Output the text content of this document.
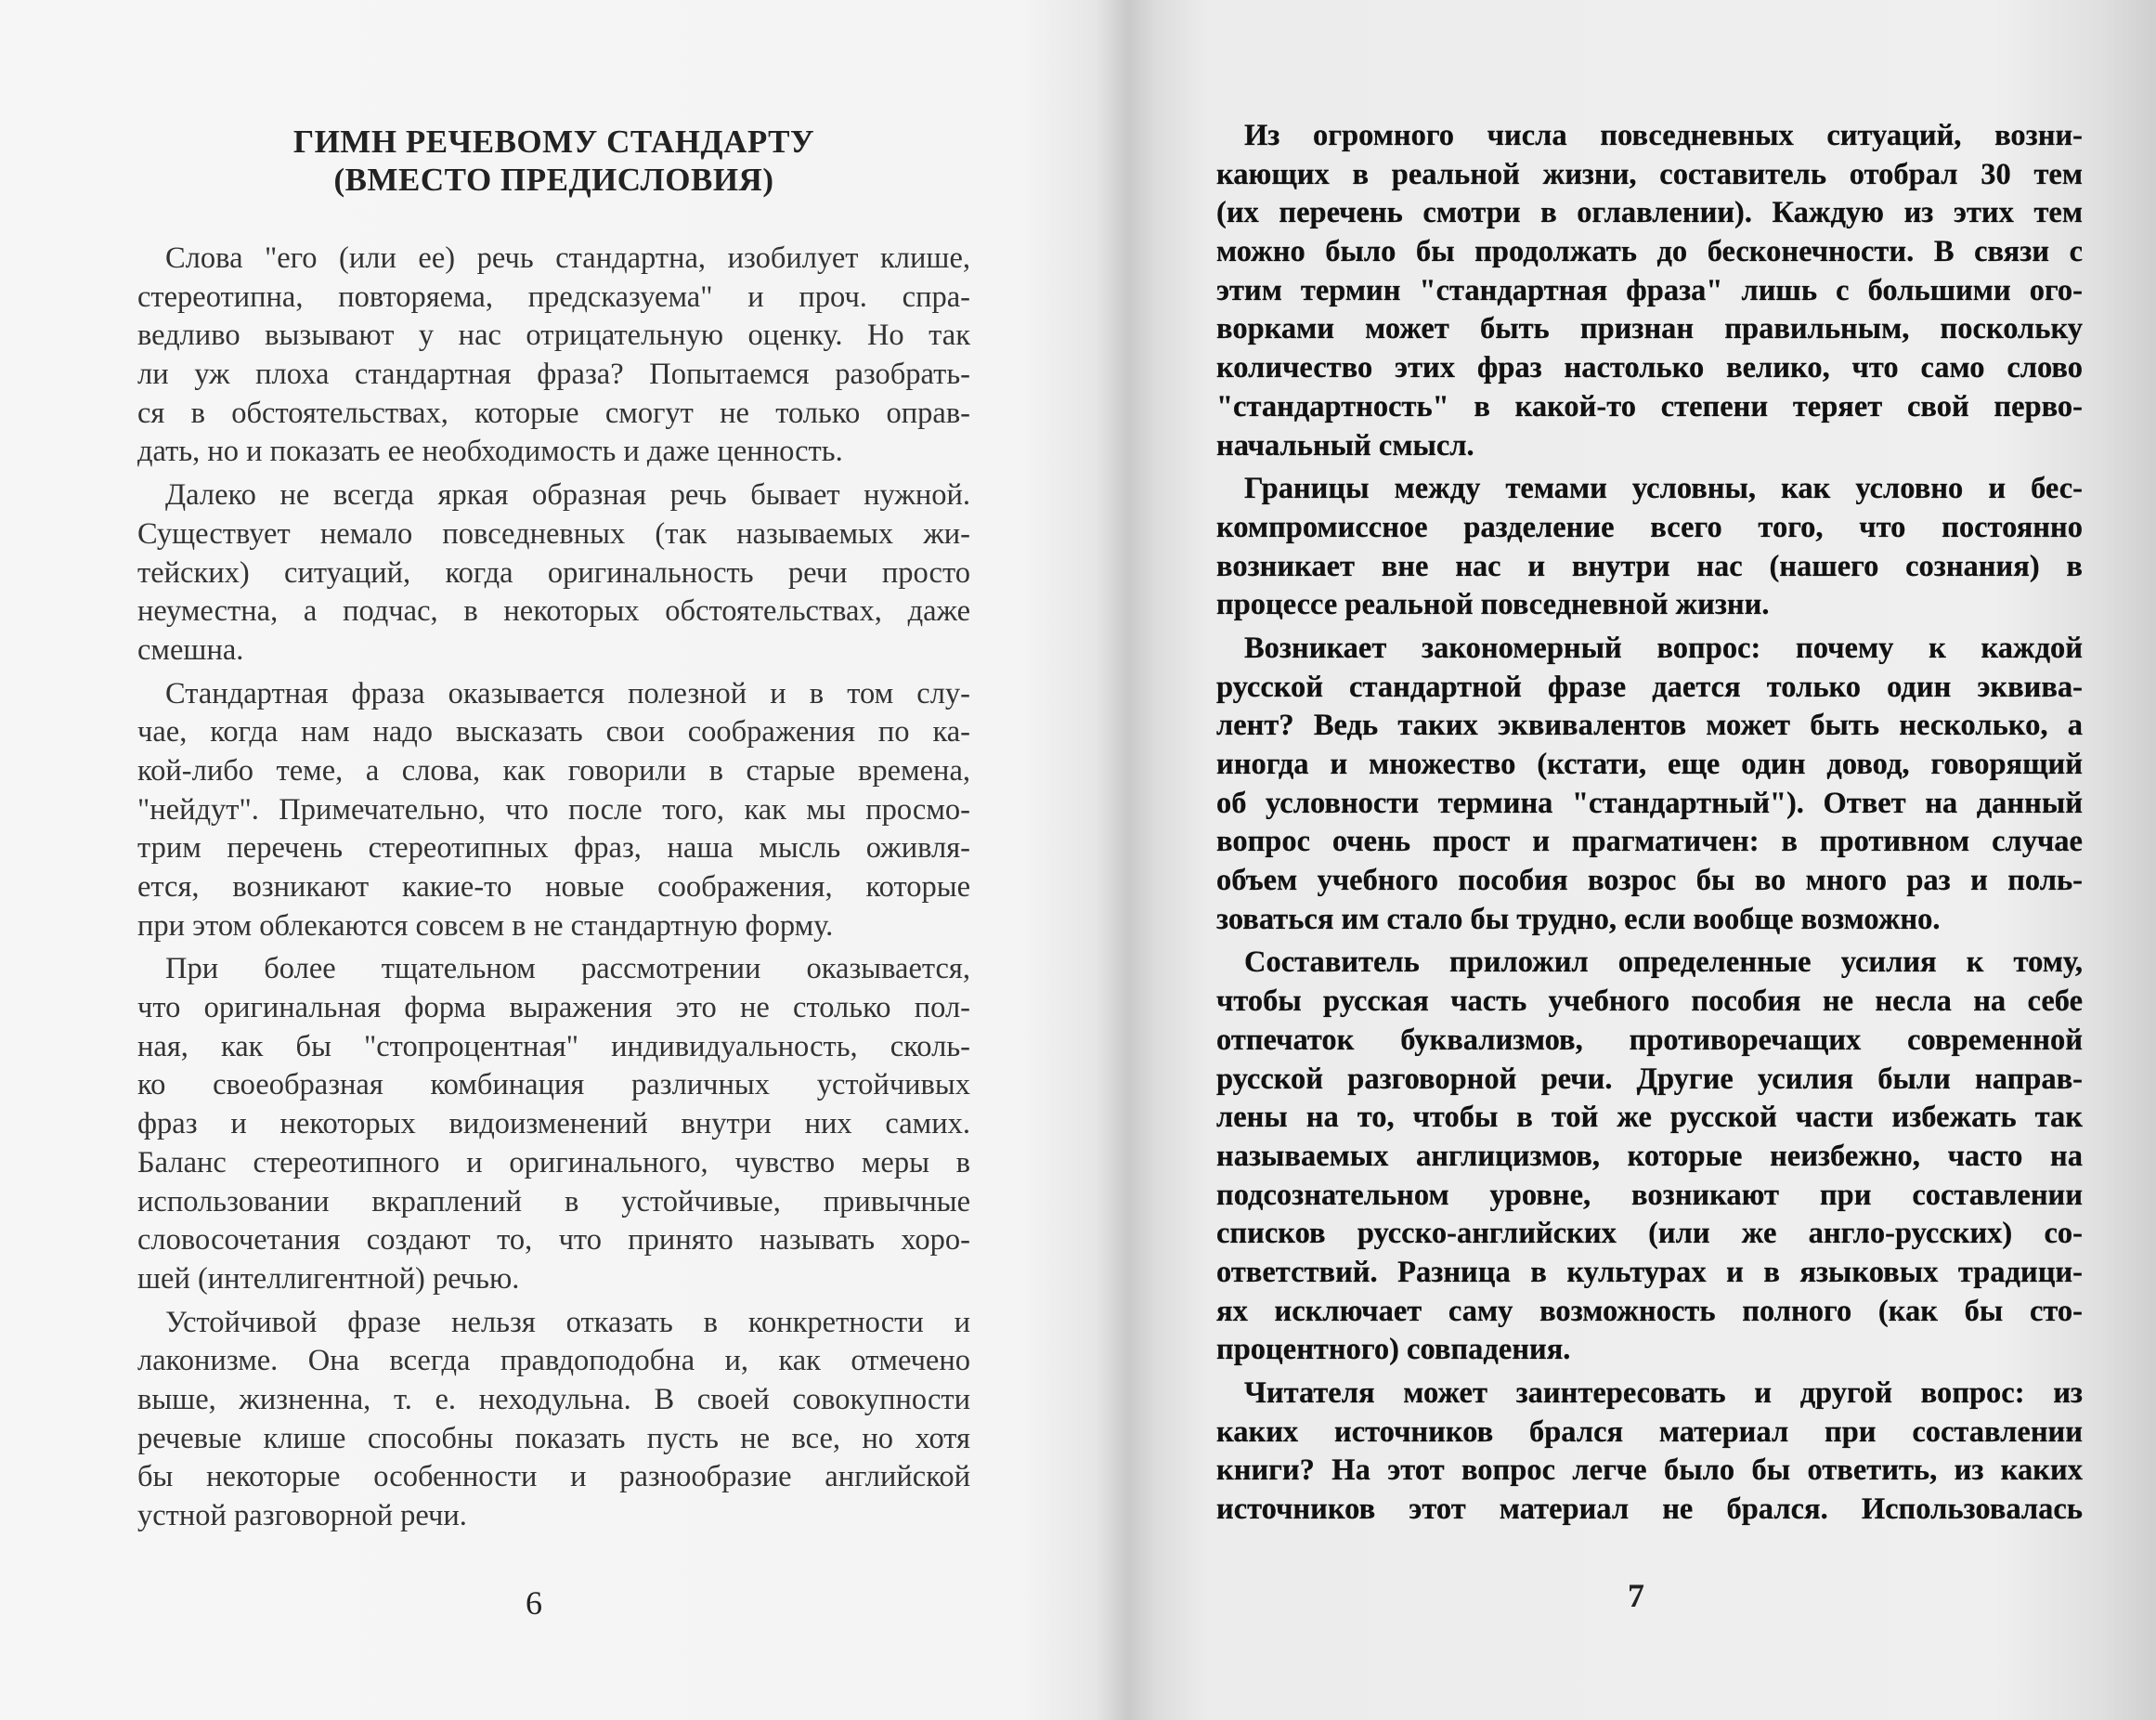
ГИМН РЕЧЕВОМУ СТАНДАРТУ
(ВМЕСТО ПРЕДИСЛОВИЯ)
Слова "его (или ее) речь стандартна, изобилует клише,
стереотипна, повторяема, предсказуема" и проч. спра-
ведливо вызывают у нас отрицательную оценку. Но так
ли уж плоха стандартная фраза? Попытаемся разобрать-
ся в обстоятельствах, которые смогут не только оправ-
дать, но и показать ее необходимость и даже ценность.
Далеко не всегда яркая образная речь бывает нужной.
Существует немало повседневных (так называемых жи-
тейских) ситуаций, когда оригинальность речи просто
неуместна, а подчас, в некоторых обстоятельствах, даже
смешна.
Стандартная фраза оказывается полезной и в том слу-
чае, когда нам надо высказать свои соображения по ка-
кой-либо теме, а слова, как говорили в старые времена,
"нейдут". Примечательно, что после того, как мы просмо-
трим перечень стереотипных фраз, наша мысль оживля-
ется, возникают какие-то новые соображения, которые
при этом облекаются совсем в не стандартную форму.
При более тщательном рассмотрении оказывается,
что оригинальная форма выражения это не столько пол-
ная, как бы "стопроцентная" индивидуальность, сколь-
ко своеобразная комбинация различных устойчивых
фраз и некоторых видоизменений внутри них самих.
Баланс стереотипного и оригинального, чувство меры в
использовании вкраплений в устойчивые, привычные
словосочетания создают то, что принято называть хоро-
шей (интеллигентной) речью.
Устойчивой фразе нельзя отказать в конкретности и
лаконизме. Она всегда правдоподобна и, как отмечено
выше, жизненна, т. е. неходульна. В своей совокупности
речевые клише способны показать пусть не все, но хотя
бы некоторые особенности и разнообразие английской
устной разговорной речи.
Из огромного числа повседневных ситуаций, возни-
кающих в реальной жизни, составитель отобрал 30 тем
(их перечень смотри в оглавлении). Каждую из этих тем
можно было бы продолжать до бесконечности. В связи с
этим термин "стандартная фраза" лишь с большими ого-
ворками может быть признан правильным, поскольку
количество этих фраз настолько велико, что само слово
"стандартность" в какой-то степени теряет свой перво-
начальный смысл.
Границы между темами условны, как условно и бес-
компромиссное разделение всего того, что постоянно
возникает вне нас и внутри нас (нашего сознания) в
процессе реальной повседневной жизни.
Возникает закономерный вопрос: почему к каждой
русской стандартной фразе дается только один эквива-
лент? Ведь таких эквивалентов может быть несколько, а
иногда и множество (кстати, еще один довод, говорящий
об условности термина "стандартный"). Ответ на данный
вопрос очень прост и прагматичен: в противном случае
объем учебного пособия возрос бы во много раз и поль-
зоваться им стало бы трудно, если вообще возможно.
Составитель приложил определенные усилия к тому,
чтобы русская часть учебного пособия не несла на себе
отпечаток буквализмов, противоречащих современной
русской разговорной речи. Другие усилия были направ-
лены на то, чтобы в той же русской части избежать так
называемых англицизмов, которые неизбежно, часто на
подсознательном уровне, возникают при составлении
списков русско-английских (или же англо-русских) со-
ответствий. Разница в культурах и в языковых традици-
ях исключает саму возможность полного (как бы сто-
процентного) совпадения.
Читателя может заинтересовать и другой вопрос: из
каких источников брался материал при составлении
книги? На этот вопрос легче было бы ответить, из каких
источников этот материал не брался. Использовалась
6	7
